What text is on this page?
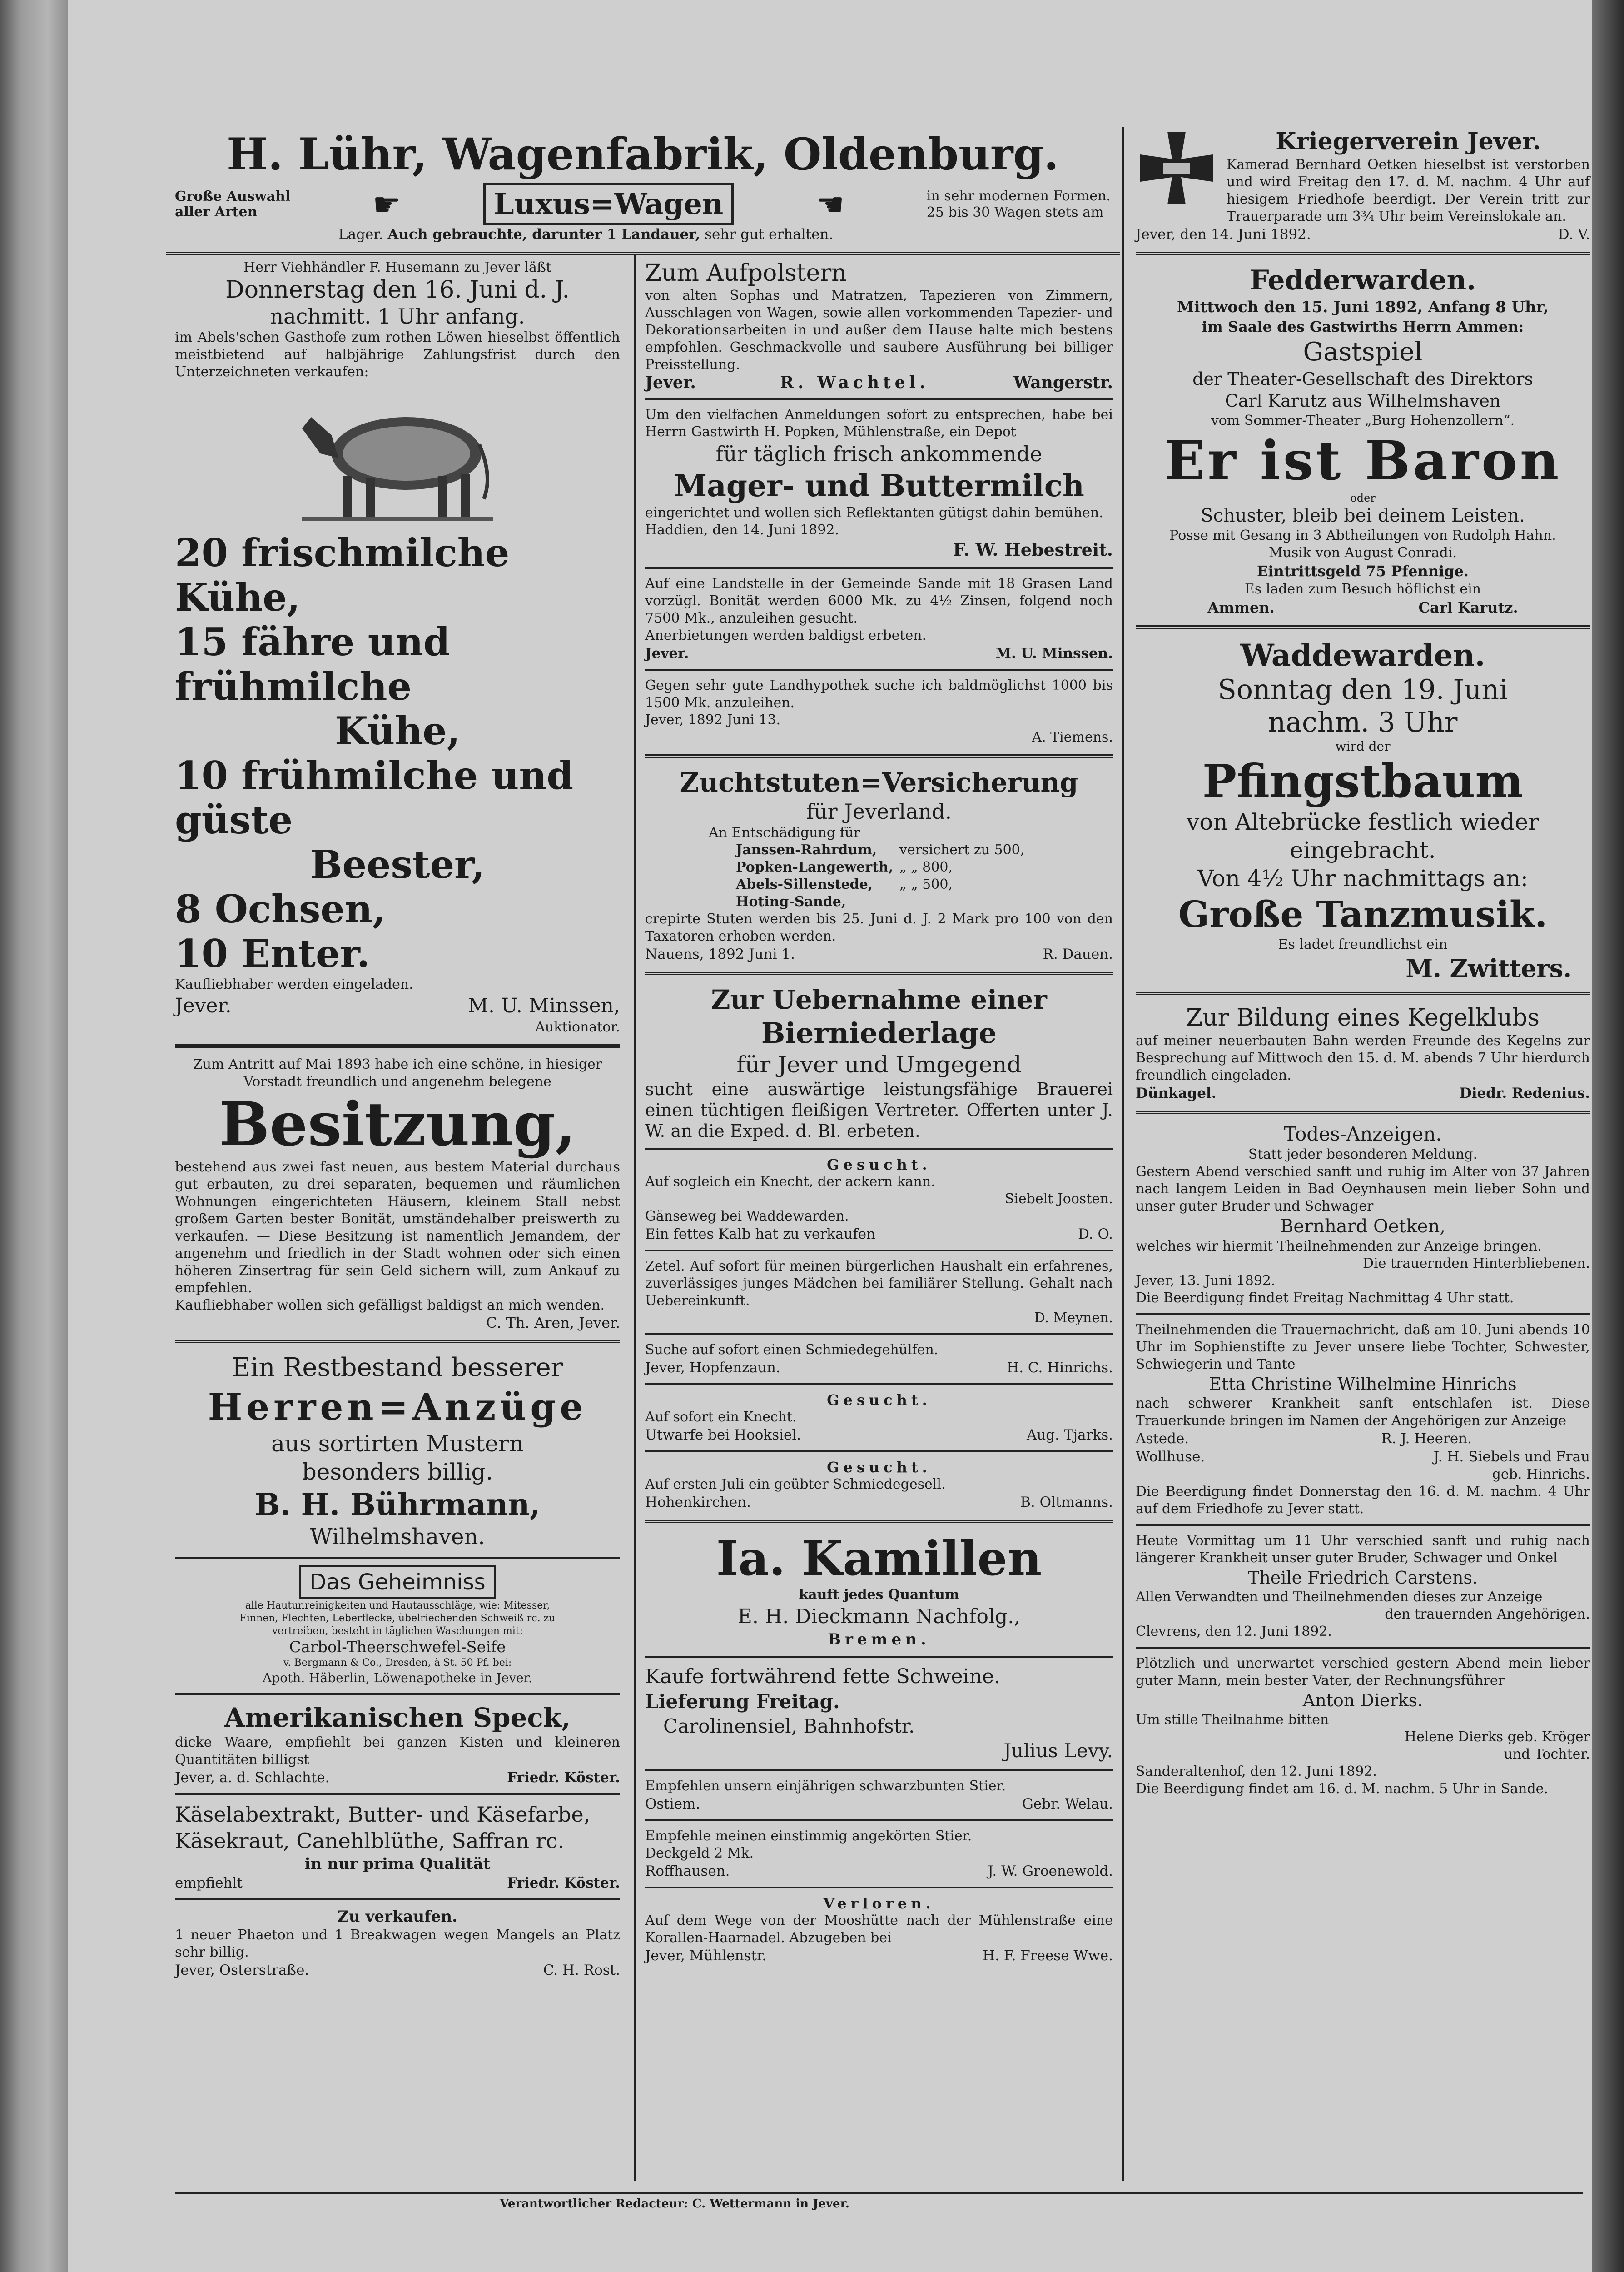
H. Lühr, Wagenfabrik, Oldenburg.
Große Auswahl
aller Arten	☛	Luxus=Wagen	☚	in sehr modernen Formen.
25 bis 30 Wagen stets am
Lager. Auch gebrauchte, darunter 1 Landauer, sehr gut erhalten.

Herr Viehhändler F. Husemann zu Jever läßt

Donnerstag den 16. Juni d. J.
nachmitt. 1 Uhr anfang.

im Abels'schen Gasthofe zum rothen Löwen hieselbst öffentlich meistbietend auf halbjährige Zahlungsfrist durch den Unterzeichneten verkaufen:

20 frischmilche Kühe,
15 fähre und frühmilche
Kühe,
10 frühmilche und güste
Beester,
8 Ochsen,
10 Enter.

Kaufliebhaber werden eingeladen.

Jever.	M. U. Minssen,

Auktionator.

Zum Antritt auf Mai 1893 habe ich eine schöne, in hiesiger Vorstadt freundlich und angenehm belegene

Besitzung,

bestehend aus zwei fast neuen, aus bestem Material durchaus gut erbauten, zu drei separaten, bequemen und räumlichen Wohnungen eingerichteten Häusern, kleinem Stall nebst großem Garten bester Bonität, umständehalber preiswerth zu verkaufen. — Diese Besitzung ist namentlich Jemandem, der angenehm und friedlich in der Stadt wohnen oder sich einen höheren Zinsertrag für sein Geld sichern will, zum Ankauf zu empfehlen.

Kaufliebhaber wollen sich gefälligst baldigst an mich wenden.

C. Th. Aren, Jever.

Ein Restbestand besserer
Herren=Anzüge
aus sortirten Mustern
besonders billig.
B. H. Bührmann,
Wilhelmshaven.
Das Geheimniss

alle Hautunreinigkeiten und Hautausschläge, wie: Mitesser, Finnen, Flechten, Leberflecke, übelriechenden Schweiß rc. zu vertreiben, besteht in täglichen Waschungen mit:

Carbol-Theerschwefel-Seife

v. Bergmann & Co., Dresden, à St. 50 Pf. bei:

Apoth. Häberlin, Löwenapotheke in Jever.

Amerikanischen Speck,

dicke Waare, empfiehlt bei ganzen Kisten und kleineren Quantitäten billigst

Jever, a. d. Schlachte.	Friedr. Köster.
Käselabextrakt, Butter- und Käsefarbe,
Käsekraut, Canehlblüthe, Saffran rc.
in nur prima Qualität
empfiehlt	Friedr. Köster.
Zu verkaufen.

1 neuer Phaeton und 1 Breakwagen wegen Mangels an Platz sehr billig.

Jever, Osterstraße.	C. H. Rost.
Zum Aufpolstern

von alten Sophas und Matratzen, Tapezieren von Zimmern, Ausschlagen von Wagen, sowie allen vorkommenden Tapezier- und Dekorationsarbeiten in und außer dem Hause halte mich bestens empfohlen. Geschmackvolle und saubere Ausführung bei billiger Preisstellung.

Jever.	R. Wachtel.	Wangerstr.

Um den vielfachen Anmeldungen sofort zu entsprechen, habe bei Herrn Gastwirth H. Popken, Mühlenstraße, ein Depot

für täglich frisch ankommende
Mager- und Buttermilch

eingerichtet und wollen sich Reflektanten gütigst dahin bemühen.

Haddien, den 14. Juni 1892.

F. W. Hebestreit.

Auf eine Landstelle in der Gemeinde Sande mit 18 Grasen Land vorzügl. Bonität werden 6000 Mk. zu 4½ Zinsen, folgend noch 7500 Mk., anzuleihen gesucht.

Anerbietungen werden baldigst erbeten.

Jever.	M. U. Minssen.

Gegen sehr gute Landhypothek suche ich baldmöglichst 1000 bis 1500 Mk. anzuleihen.

Jever, 1892 Juni 13.

A. Tiemens.

Zuchtstuten=Versicherung
für Jeverland.

An Entschädigung für

Janssen-Rahrdum,	versichert zu 500,
Popken-Langewerth, „ „ 800,
Abels-Sillenstede,	„ „ 500,
Hoting-Sande,

crepirte Stuten werden bis 25. Juni d. J. 2 Mark pro 100 von den Taxatoren erhoben werden.

Nauens, 1892 Juni 1.	R. Dauen.
Zur Uebernahme einer
Bierniederlage
für Jever und Umgegend

sucht eine auswärtige leistungsfähige Brauerei einen tüchtigen fleißigen Vertreter. Offerten unter J. W. an die Exped. d. Bl. erbeten.

Gesucht.

Auf sogleich ein Knecht, der ackern kann.

Siebelt Joosten.

Gänseweg bei Waddewarden.

Ein fettes Kalb hat zu verkaufen	D. O.

Zetel. Auf sofort für meinen bürgerlichen Haushalt ein erfahrenes, zuverlässiges junges Mädchen bei familiärer Stellung. Gehalt nach Uebereinkunft.

D. Meynen.

Suche auf sofort einen Schmiedegehülfen.

Jever, Hopfenzaun.	H. C. Hinrichs.
Gesucht.

Auf sofort ein Knecht.

Utwarfe bei Hooksiel.	Aug. Tjarks.
Gesucht.

Auf ersten Juli ein geübter Schmiedegesell.

Hohenkirchen.	B. Oltmanns.
Ia. Kamillen
kauft jedes Quantum
E. H. Dieckmann Nachfolg.,
Bremen.
Kaufe fortwährend fette Schweine.
Lieferung Freitag.
Carolinensiel, Bahnhofstr.
Julius Levy.

Empfehlen unsern einjährigen schwarzbunten Stier.

Ostiem.	Gebr. Welau.

Empfehle meinen einstimmig angekörten Stier.

Deckgeld 2 Mk.

Roffhausen.	J. W. Groenewold.
Verloren.

Auf dem Wege von der Mooshütte nach der Mühlenstraße eine Korallen-Haarnadel. Abzugeben bei

Jever, Mühlenstr.	H. F. Freese Wwe.
Kriegerverein Jever.

Kamerad Bernhard Oetken hieselbst ist verstorben und wird Freitag den 17. d. M. nachm. 4 Uhr auf hiesigem Friedhofe beerdigt. Der Verein tritt zur Trauerparade um 3¾ Uhr beim Vereinslokale an.

Jever, den 14. Juni 1892.	D. V.
Fedderwarden.
Mittwoch den 15. Juni 1892, Anfang 8 Uhr,
im Saale des Gastwirths Herrn Ammen:
Gastspiel
der Theater-Gesellschaft des Direktors
Carl Karutz aus Wilhelmshaven
vom Sommer-Theater „Burg Hohenzollern“.
Er ist Baron
oder
Schuster, bleib bei deinem Leisten.
Posse mit Gesang in 3 Abtheilungen von Rudolph Hahn.
Musik von August Conradi.
Eintrittsgeld 75 Pfennige.
Es laden zum Besuch höflichst ein
Ammen.	Carl Karutz.
Waddewarden.
Sonntag den 19. Juni
nachm. 3 Uhr
wird der
Pfingstbaum
von Altebrücke festlich wieder
eingebracht.
Von 4½ Uhr nachmittags an:
Große Tanzmusik.
Es ladet freundlichst ein
M. Zwitters.
Zur Bildung eines Kegelklubs

auf meiner neuerbauten Bahn werden Freunde des Kegelns zur Besprechung auf Mittwoch den 15. d. M. abends 7 Uhr hierdurch freundlich eingeladen.

Dünkagel.	Diedr. Redenius.
Todes-Anzeigen.
Statt jeder besonderen Meldung.

Gestern Abend verschied sanft und ruhig im Alter von 37 Jahren nach langem Leiden in Bad Oeynhausen mein lieber Sohn und unser guter Bruder und Schwager

Bernhard Oetken,

welches wir hiermit Theilnehmenden zur Anzeige bringen.

Die trauernden Hinterbliebenen.

Jever, 13. Juni 1892.

Die Beerdigung findet Freitag Nachmittag 4 Uhr statt.

Theilnehmenden die Trauernachricht, daß am 10. Juni abends 10 Uhr im Sophienstifte zu Jever unsere liebe Tochter, Schwester, Schwiegerin und Tante

Etta Christine Wilhelmine Hinrichs

nach schwerer Krankheit sanft entschlafen ist. Diese Trauerkunde bringen im Namen der Angehörigen zur Anzeige

Astede.	R. J. Heeren.
Wollhuse.	J. H. Siebels und Frau

geb. Hinrichs.

Die Beerdigung findet Donnerstag den 16. d. M. nachm. 4 Uhr auf dem Friedhofe zu Jever statt.

Heute Vormittag um 11 Uhr verschied sanft und ruhig nach längerer Krankheit unser guter Bruder, Schwager und Onkel

Theile Friedrich Carstens.

Allen Verwandten und Theilnehmenden dieses zur Anzeige

den trauernden Angehörigen.

Clevrens, den 12. Juni 1892.

Plötzlich und unerwartet verschied gestern Abend mein lieber guter Mann, mein bester Vater, der Rechnungsführer

Anton Dierks.

Um stille Theilnahme bitten

Helene Dierks geb. Kröger

und Tochter.

Sanderaltenhof, den 12. Juni 1892.

Die Beerdigung findet am 16. d. M. nachm. 5 Uhr in Sande.

Verantwortlicher Redacteur: C. Wettermann in Jever.
